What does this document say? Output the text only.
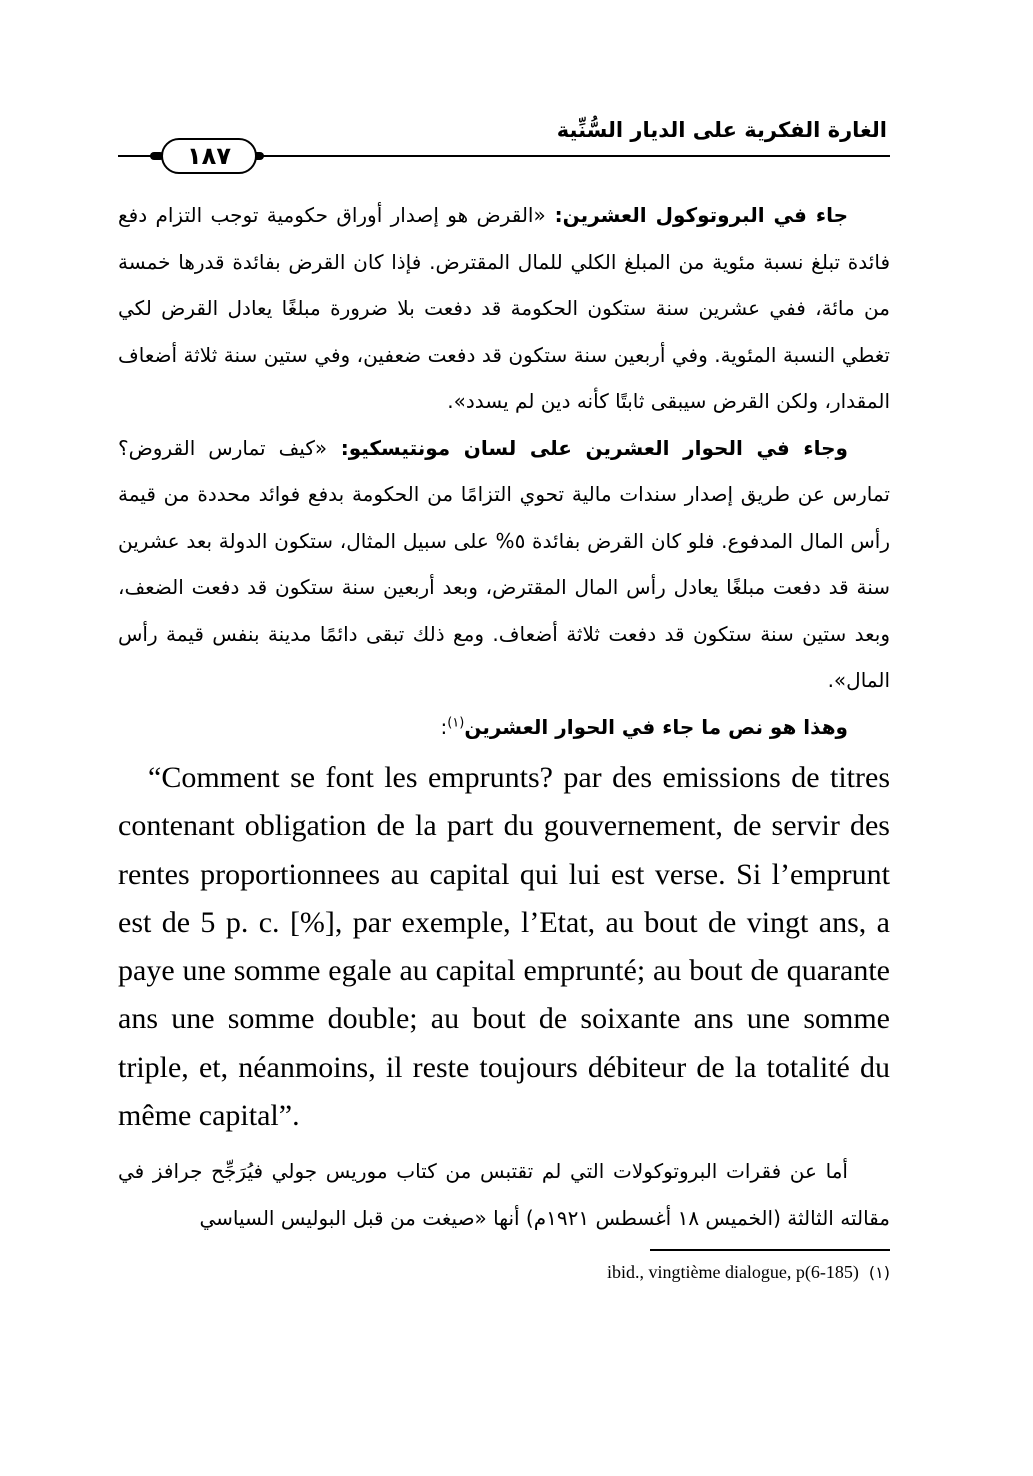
الغارة الفكرية على الديار السُّنِّية
١٨٧

جاء في البروتوكول العشرين: «القرض هو إصدار أوراق حكومية توجب التزام دفع فائدة تبلغ نسبة مئوية من المبلغ الكلي للمال المقترض. فإذا كان القرض بفائدة قدرها خمسة من مائة، ففي عشرين سنة ستكون الحكومة قد دفعت بلا ضرورة مبلغًا يعادل القرض لكي تغطي النسبة المئوية. وفي أربعين سنة ستكون قد دفعت ضعفين، وفي ستين سنة ثلاثة أضعاف المقدار، ولكن القرض سيبقى ثابتًا كأنه دين لم يسدد».

وجاء في الحوار العشرين على لسان مونتيسكيو: «كيف تمارس القروض؟ تمارس عن طريق إصدار سندات مالية تحوي التزامًا من الحكومة بدفع فوائد محددة من قيمة رأس المال المدفوع. فلو كان القرض بفائدة ٥% على سبيل المثال، ستكون الدولة بعد عشرين سنة قد دفعت مبلغًا يعادل رأس المال المقترض، وبعد أربعين سنة ستكون قد دفعت الضعف، وبعد ستين سنة ستكون قد دفعت ثلاثة أضعاف. ومع ذلك تبقى دائمًا مدينة بنفس قيمة رأس المال».

وهذا هو نص ما جاء في الحوار العشرين$^{(١)}$:

“Comment se font les emprunts? par des emissions de titres contenant obligation de la part du gouvernement, de servir des rentes proportionnees au capital qui lui est verse. Si l’emprunt est de 5 p. c. [%], par exemple, l’Etat, au bout de vingt ans, a paye une somme egale au capital emprunté; au bout de quarante ans une somme double; au bout de soixante ans une somme triple, et, néanmoins, il reste toujours débiteur de la totalité du même capital”.

أما عن فقرات البروتوكولات التي لم تقتبس من كتاب موريس جولي فيُرَجِّح جرافز في مقالته الثالثة (الخميس ١٨ أغسطس ١٩٢١م) أنها «صيغت من قبل البوليس السياسي

(١)ibid., vingtième dialogue, p(6-185)
